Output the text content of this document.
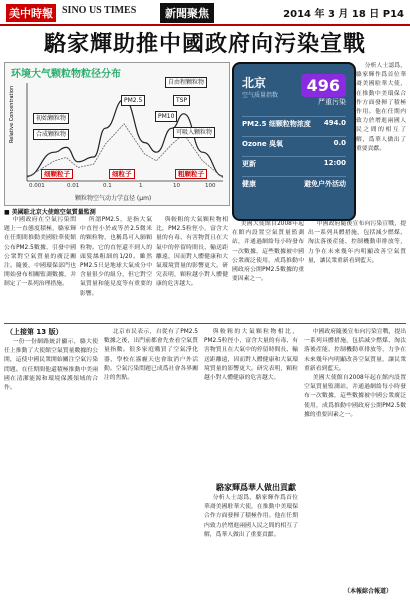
美中時報 SINO US TIMES	新聞聚焦	2014 年 3 月 18 日 P14
駱家輝助推中國政府向污染宣戰
环境大气颗粒物粒径分布
Relative Concentration
自由程颗粒物
PM2.5	TSP
PM10
初始颗粒物
合成颗粒物	可吸入颗粒物
细颗粒子	细粒子	粗颗粒子
0.001	0.01	0.1	1	10	100
颗粒物空气动力学直径 (μm)
北京
空气质量指数
496
严重污染
PM2.5 细颗粒物浓度 494.0
Ozone 臭氧	0.0
更新	12:00
健康	避免户外活动

分析人士認爲，駱家輝作爲首位華裔美國駐華大使，在推動中美環保合作方面發揮了積極作用。他在任期内致力於增進兩國人民之間的相互了解，爲華人做出了重要貢獻。

■ 美國駐北京大使館空氣質量監測

中國政府在空氣污染問題上一直態度積極，駱家輝在任期間推動美國駐華使館公布PM2.5數據，引發中國公衆對空氣質量的廣泛關注。隨後，中國環保部門也開始發布相關監測數據，并制定了一系列治理措施。

所謂PM2.5，是指大氣中直徑小於或等於2.5微米的顆粒物，也稱爲可入肺顆粒物。它的直徑還不到人的頭髮絲粗細的1/20。雖然PM2.5只是地球大氣成分中含量很少的組分，但它對空氣質量和能見度等有重要的影響。

與較粗的大氣顆粒物相比，PM2.5粒徑小，富含大量的有毒、有害物質且在大氣中的停留時間長、輸送距離遠，因而對人體健康和大氣環境質量的影響更大。研究表明，顆粒越小對人體健康的危害越大。

美國大使館自2008年起在館内設置空氣質量監測站，并通過網絡每小時發布一次數據，這些數據被中國公衆廣泛使用，成爲推動中國政府公開PM2.5數據的重要因素之一。

中國政府隨後宣布向污染宣戰，提出一系列具體措施，包括減少燃煤、淘汰落後産能、控制機動車排放等，力争在未來幾年内明顯改善空氣質量，讓民衆重新看到藍天。

（上接第 13 版）

一份一份網路統計顯示，駱大使任上推動了大使館空氣質量數據的公開，這使中國民衆開始關注空氣污染問題。在任期間他還積極推動中美兩國在清潔能源和環境保護領域的合作。

北京市民表示，自從有了PM2.5數據之後，出門前都會先查看空氣質量指數。很多家庭購買了空氣淨化器，學校在霧霾天也會取消户外活動。空氣污染問題已成爲社會各界關注的焦點。

與較粗的大氣顆粒物相比，PM2.5粒徑小，富含大量的有毒、有害物質且在大氣中的停留時間長、輸送距離遠，因而對人體健康和大氣環境質量的影響更大。研究表明，顆粒越小對人體健康的危害越大。

駱家輝爲華人做出貢獻

分析人士認爲，駱家輝作爲首位華裔美國駐華大使，在推動中美環保合作方面發揮了積極作用。他在任期内致力於增進兩國人民之間的相互了解，爲華人做出了重要貢獻。

中國政府隨後宣布向污染宣戰，提出一系列具體措施，包括減少燃煤、淘汰落後産能、控制機動車排放等，力争在未來幾年内明顯改善空氣質量，讓民衆重新看到藍天。

美國大使館自2008年起在館内設置空氣質量監測站，并通過網絡每小時發布一次數據，這些數據被中國公衆廣泛使用，成爲推動中國政府公開PM2.5數據的重要因素之一。

（本報綜合報道）
